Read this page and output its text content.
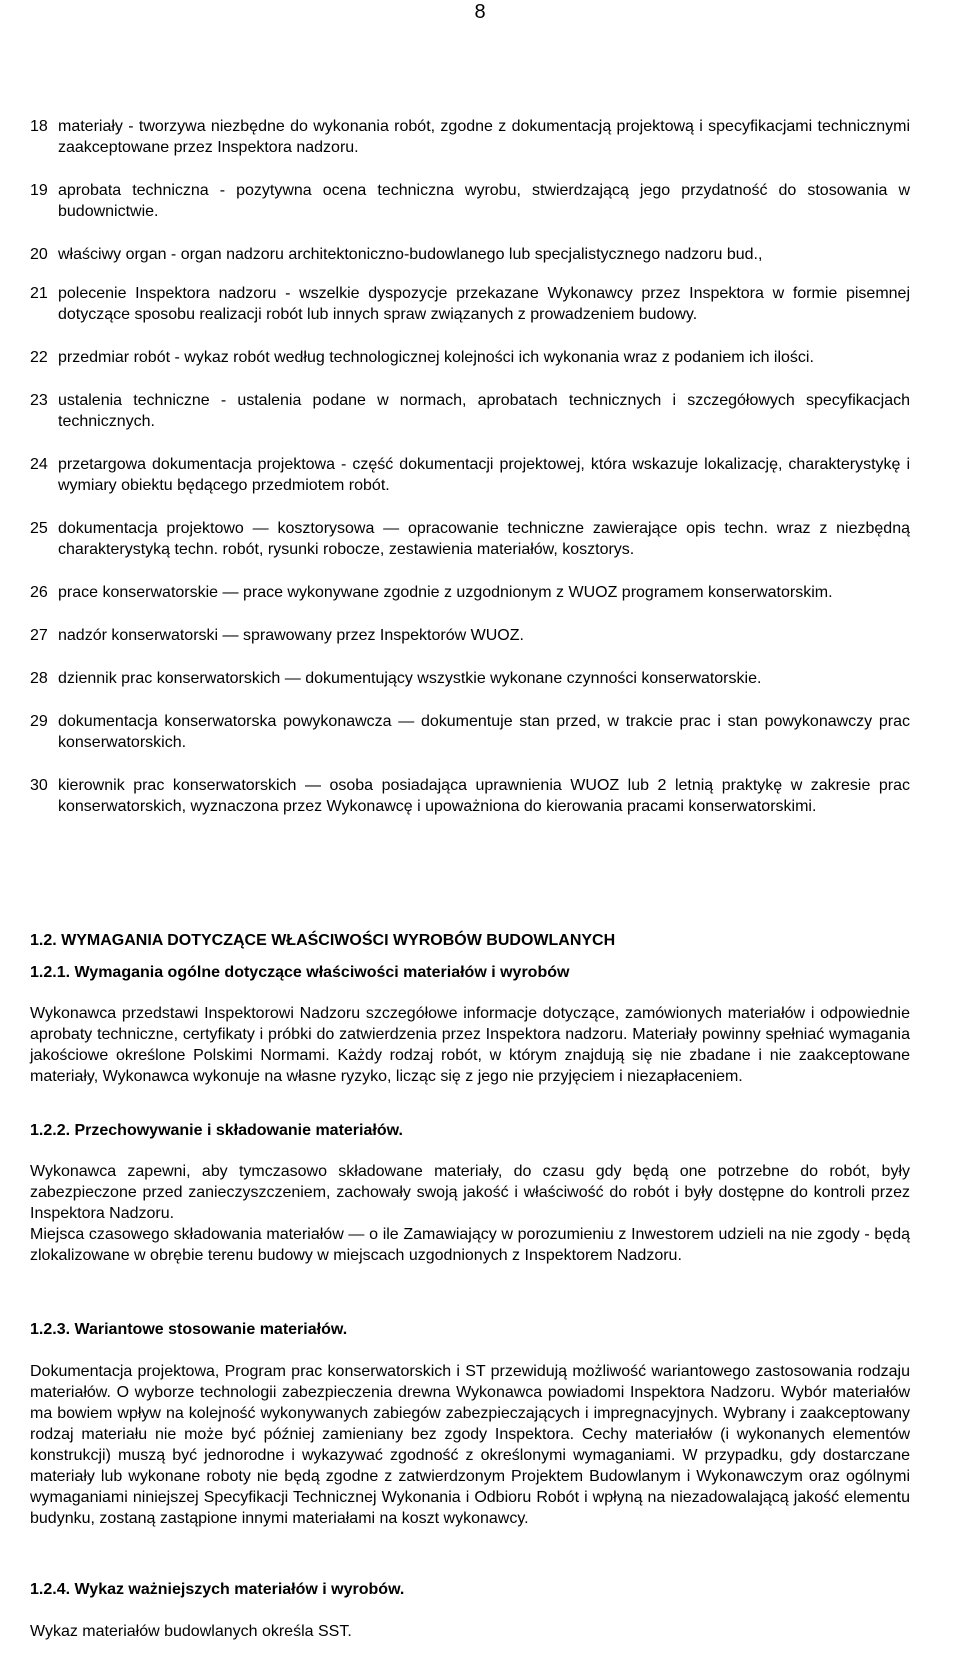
8
18 materiały - tworzywa niezbędne do wykonania robót, zgodne z dokumentacją projektową i specyfikacjami technicznymi zaakceptowane przez Inspektora nadzoru.
19 aprobata techniczna - pozytywna ocena techniczna wyrobu, stwierdzającą jego przydatność do stosowania w budownictwie.
20 właściwy organ - organ nadzoru architektoniczno-budowlanego lub specjalistycznego nadzoru bud.,
21 polecenie Inspektora nadzoru - wszelkie dyspozycje przekazane Wykonawcy przez Inspektora w formie pisemnej dotyczące sposobu realizacji robót lub innych spraw związanych z prowadzeniem budowy.
22 przedmiar robót - wykaz robót według technologicznej kolejności ich wykonania wraz z podaniem ich ilości.
23 ustalenia techniczne - ustalenia podane w normach, aprobatach technicznych i szczegółowych specyfikacjach technicznych.
24 przetargowa dokumentacja projektowa - część dokumentacji projektowej, która wskazuje lokalizację, charakterystykę i wymiary obiektu będącego przedmiotem robót.
25 dokumentacja projektowo — kosztorysowa — opracowanie techniczne zawierające opis techn. wraz z niezbędną charakterystyką techn. robót, rysunki robocze, zestawienia materiałów, kosztorys.
26 prace konserwatorskie — prace wykonywane zgodnie z uzgodnionym z WUOZ programem konserwatorskim.
27 nadzór konserwatorski — sprawowany przez Inspektorów WUOZ.
28 dziennik prac konserwatorskich — dokumentujący wszystkie wykonane czynności konserwatorskie.
29 dokumentacja konserwatorska powykonawcza — dokumentuje stan przed, w trakcie prac i stan powykonawczy prac konserwatorskich.
30 kierownik prac konserwatorskich — osoba posiadająca uprawnienia WUOZ lub 2 letnią praktykę w zakresie prac konserwatorskich, wyznaczona przez Wykonawcę i upoważniona do kierowania pracami konserwatorskimi.
1.2. WYMAGANIA DOTYCZĄCE WŁAŚCIWOŚCI WYROBÓW BUDOWLANYCH
1.2.1. Wymagania ogólne dotyczące właściwości materiałów i wyrobów
Wykonawca przedstawi Inspektorowi Nadzoru szczegółowe informacje dotyczące, zamówionych materiałów i odpowiednie aprobaty techniczne, certyfikaty i próbki do zatwierdzenia przez Inspektora nadzoru. Materiały powinny spełniać wymagania jakościowe określone Polskimi Normami. Każdy rodzaj robót, w którym znajdują się nie zbadane i nie zaakceptowane materiały, Wykonawca wykonuje na własne ryzyko, licząc się z jego nie przyjęciem i niezapłaceniem.
1.2.2. Przechowywanie i składowanie materiałów.
Wykonawca zapewni, aby tymczasowo składowane materiały, do czasu gdy będą one potrzebne do robót, były zabezpieczone przed zanieczyszczeniem, zachowały swoją jakość i właściwość do robót i były dostępne do kontroli przez Inspektora Nadzoru.
Miejsca czasowego składowania materiałów — o ile Zamawiający w porozumieniu z Inwestorem udzieli na nie zgody - będą zlokalizowane w obrębie terenu budowy w miejscach uzgodnionych z Inspektorem Nadzoru.
1.2.3. Wariantowe stosowanie materiałów.
Dokumentacja projektowa, Program prac konserwatorskich i ST przewidują możliwość wariantowego zastosowania rodzaju materiałów. O wyborze technologii zabezpieczenia drewna Wykonawca powiadomi Inspektora Nadzoru. Wybór materiałów ma bowiem wpływ na kolejność wykonywanych zabiegów zabezpieczających i impregnacyjnych. Wybrany i zaakceptowany rodzaj materiału nie może być później zamieniany bez zgody Inspektora. Cechy materiałów (i wykonanych elementów konstrukcji) muszą być jednorodne i wykazywać zgodność z określonymi wymaganiami. W przypadku, gdy dostarczane materiały lub wykonane roboty nie będą zgodne z zatwierdzonym Projektem Budowlanym i Wykonawczym oraz ogólnymi wymaganiami niniejszej Specyfikacji Technicznej Wykonania i Odbioru Robót i wpłyną na niezadowalającą jakość elementu budynku, zostaną zastąpione innymi materiałami na koszt wykonawcy.
1.2.4. Wykaz ważniejszych materiałów i wyrobów.
Wykaz materiałów budowlanych określa SST.
